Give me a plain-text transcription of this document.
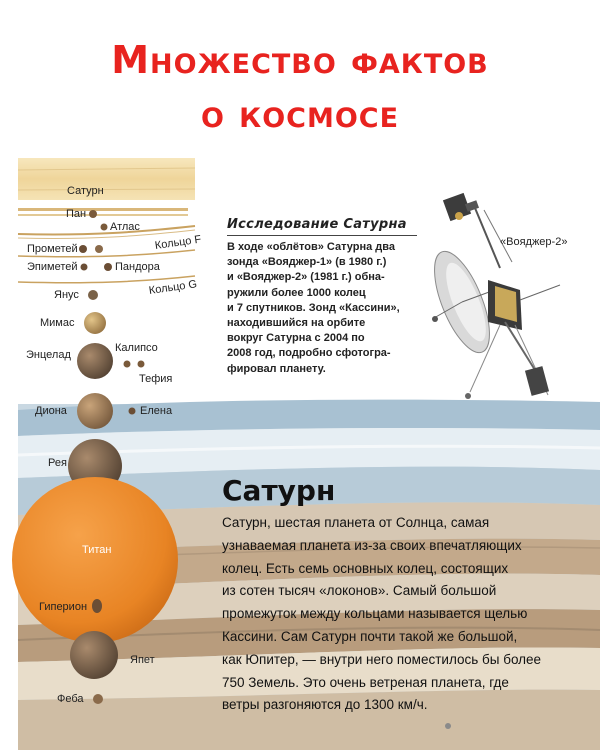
Множество фактов
о космосе
Сатурн
Пан
Атлас
Прометей	Кольцо F
Эпиметей	Пандора
Янус	Кольцо G
Мимас
Энцелад
Калипсо
Тефия
Диона	Елена
Рея
Титан
Гиперион
Япет
Феба
Исследование Сатурна
В ходе «облётов» Сатурна два
зонда «Вояджер-1» (в 1980 г.)
и «Вояджер-2» (1981 г.) обна-
ружили более 1000 колец
и 7 спутников. Зонд «Кассини»,
находившийся на орбите
вокруг Сатурна с 2004 по
2008 год, подробно сфотогра-
фировал планету.
«Вояджер-2»
Сатурн
Сатурн, шестая планета от Солнца, самая
узнаваемая планета из-за своих впечатляющих
колец. Есть семь основных колец, состоящих
из сотен тысяч «локонов». Самый большой
промежуток между кольцами называется щелью
Кассини. Сам Сатурн почти такой же большой,
как Юпитер, — внутри него поместилось бы более
750 Земель. Это очень ветреная планета, где
ветры разгоняются до 1300 км/ч.
